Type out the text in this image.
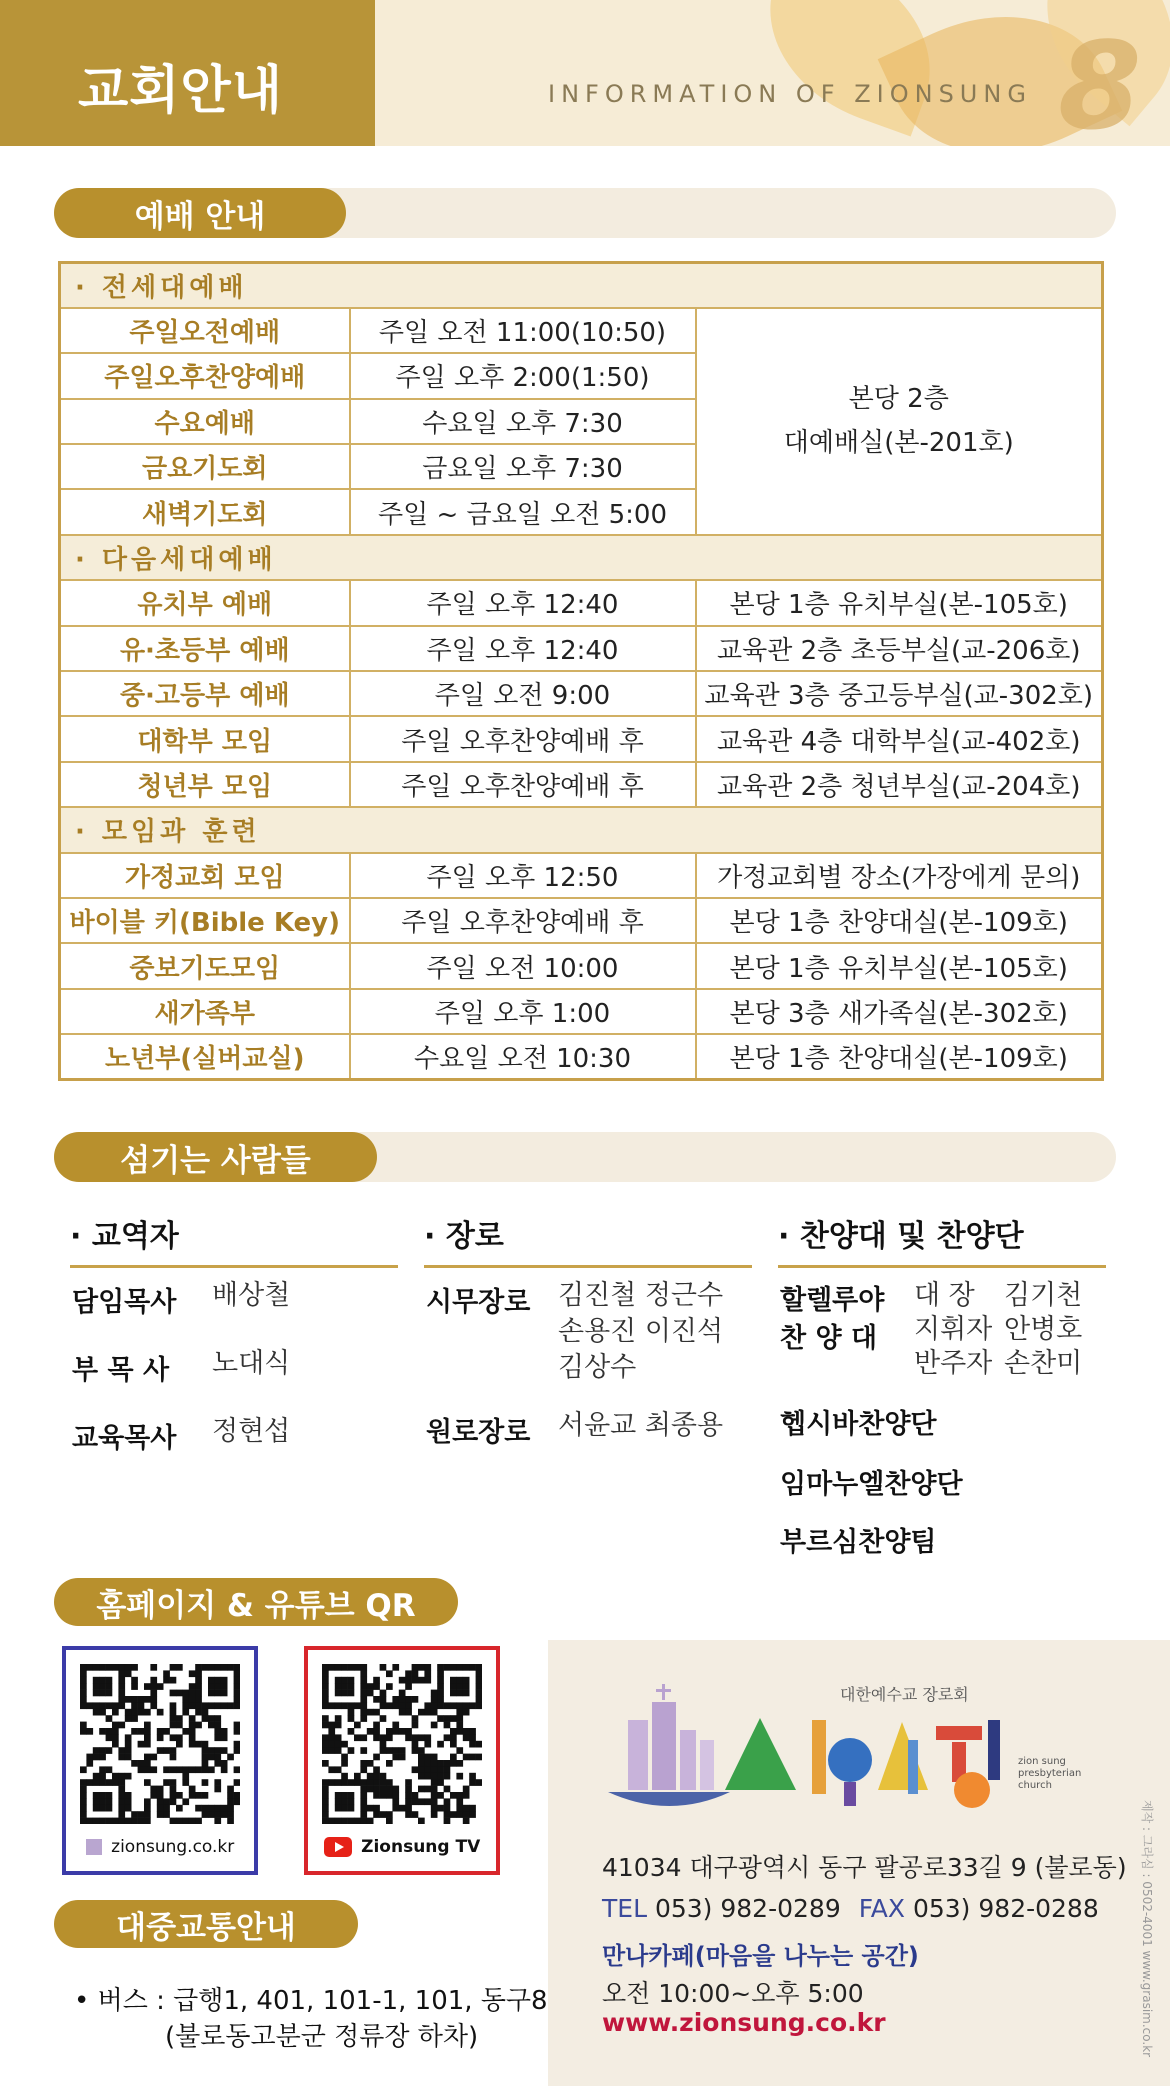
교회안내	INFORMATION OF ZIONSUNG 8
예배 안내
· 전세대예배		
주일오전예배	주일 오전 11:00(10:50)	본당 2층
대예배실(본-201호)

주일오후찬양예배	주일 오후 2:00(1:50)	
수요예배	수요일 오후 7:30	
금요기도회	금요일 오후 7:30	
새벽기도회	주일 ~ 금요일 오전 5:00	
· 다음세대예배		
유치부 예배	주일 오후 12:40	본당 1층 유치부실(본-105호)
유·초등부 예배	주일 오후 12:40	교육관 2층 초등부실(교-206호)
중·고등부 예배	주일 오전 9:00	교육관 3층 중고등부실(교-302호)
대학부 모임	주일 오후찬양예배 후	교육관 4층 대학부실(교-402호)
청년부 모임	주일 오후찬양예배 후	교육관 2층 청년부실(교-204호)
· 모임과 훈련		
가정교회 모임	주일 오후 12:50	가정교회별 장소(가장에게 문의)
바이블 키(Bible Key)	주일 오후찬양예배 후	본당 1층 찬양대실(본-109호)
중보기도모임	주일 오전 10:00	본당 1층 유치부실(본-105호)
새가족부	주일 오후 1:00	본당 3층 새가족실(본-302호)
노년부(실버교실)	수요일 오전 10:30	본당 1층 찬양대실(본-109호)
섬기는 사람들
· 교역자
담임목사 배상철
부 목 사 노대식
교육목사 정현섭
· 장로
시무장로 김진철 정근수
손용진 이진석
김상수
원로장로 서윤교 최종용
· 찬양대 및 찬양단
할렐루야
찬 양 대
대 장 김기천
지휘자 안병호
반주자 손찬미
헵시바찬양단
임마누엘찬양단
부르심찬양팀
홈페이지 & 유튜브 QR
zionsung.co.kr	Zionsung TV
대중교통안내
• 버스 : 급행1, 401, 101-1, 101, 동구8
(불로동고분군 정류장 하차)
대한예수교 장로회
zion sung
presbyterian
church
41034 대구광역시 동구 팔공로33길 9 (불로동)
TEL 053) 982-0289 FAX 053) 982-0288
만나카페(마음을 나누는 공간)
오전 10:00~오후 5:00
www.zionsung.co.kr	제작 : 그라심 : 0502-4001 www.grasim.co.kr
